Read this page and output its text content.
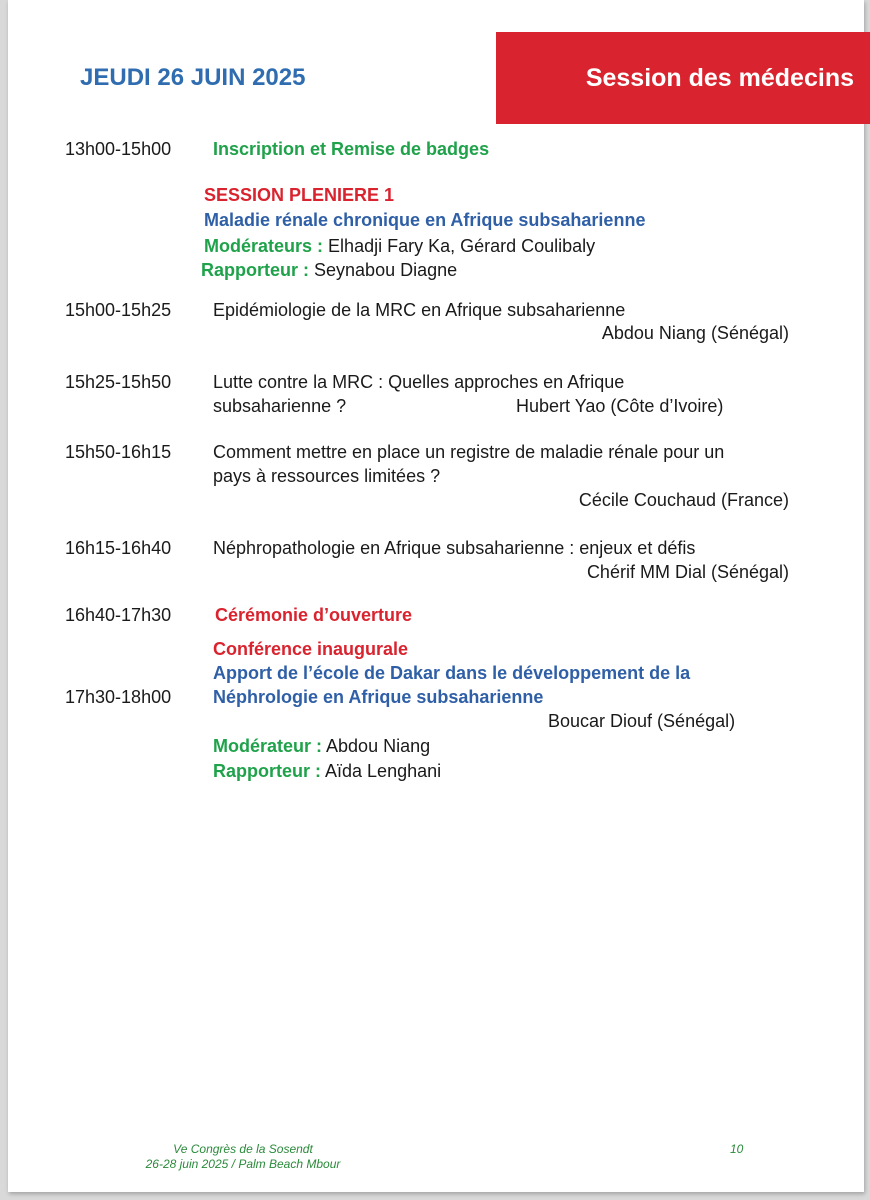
JEUDI 26 JUIN 2025	Session des médecins
13h00-15h00 Inscription et Remise de badges
SESSION PLENIERE 1
Maladie rénale chronique en Afrique subsaharienne
Modérateurs : Elhadji Fary Ka, Gérard Coulibaly
Rapporteur : Seynabou Diagne
15h00-15h25 Epidémiologie de la MRC en Afrique subsaharienne
Abdou Niang (Sénégal)
15h25-15h50 Lutte contre la MRC : Quelles approches en Afrique
subsaharienne ?	Hubert Yao (Côte d’Ivoire)
15h50-16h15 Comment mettre en place un registre de maladie rénale pour un
pays à ressources limitées ?
Cécile Couchaud (France)
16h15-16h40 Néphropathologie en Afrique subsaharienne : enjeux et défis
Chérif MM Dial (Sénégal)
16h40-17h30 Cérémonie d’ouverture
Conférence inaugurale
Apport de l’école de Dakar dans le développement de la
17h30-18h00 Néphrologie en Afrique subsaharienne
Boucar Diouf (Sénégal)
Modérateur : Abdou Niang
Rapporteur : Aïda Lenghani
Ve Congrès de la Sosendt
26-28 juin 2025 / Palm Beach Mbour
10
